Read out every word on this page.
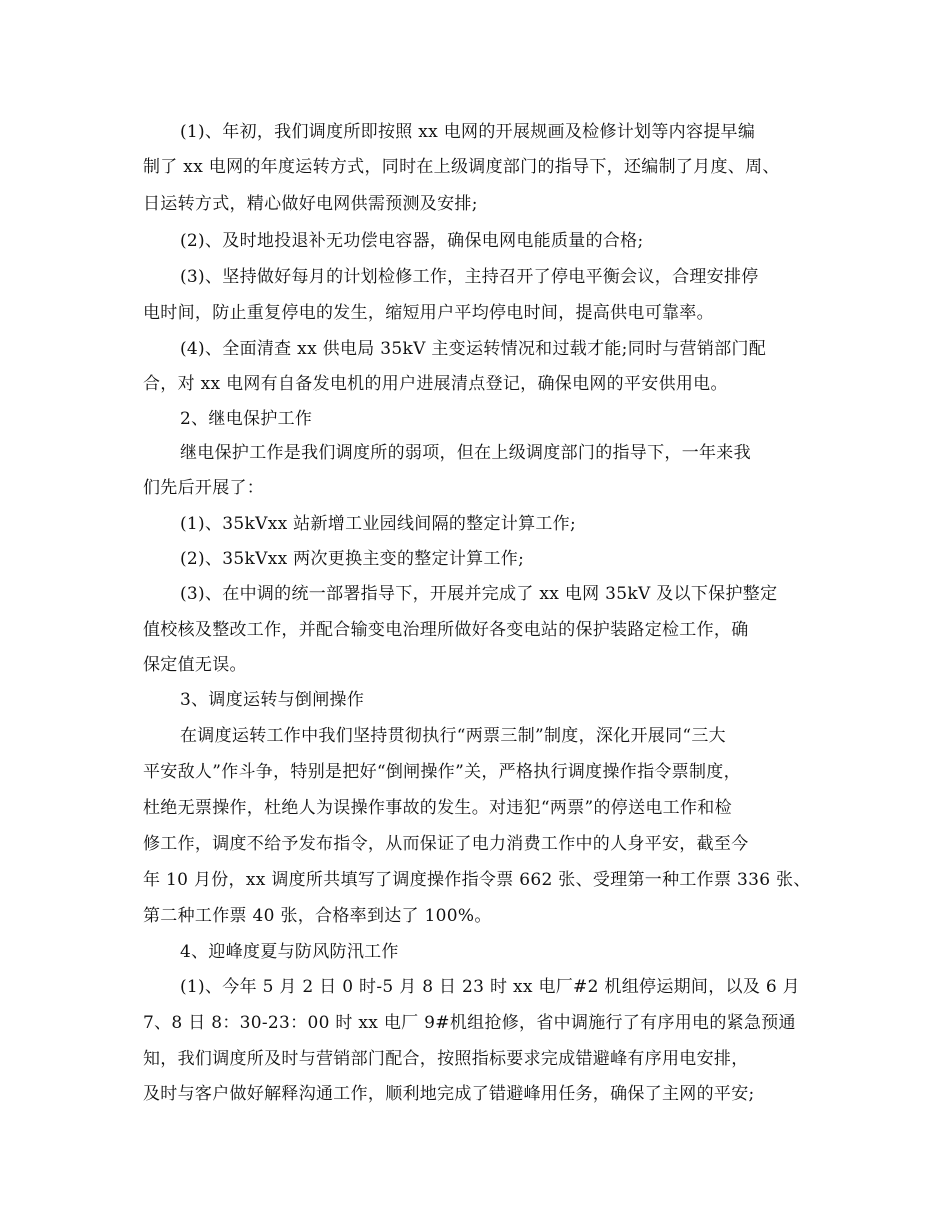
(1)、年初，我们调度所即按照 xx 电网的开展规画及检修计划等内容提早编
制了 xx 电网的年度运转方式，同时在上级调度部门的指导下，还编制了月度、周、
日运转方式，精心做好电网供需预测及安排;
(2)、及时地投退补无功偿电容器，确保电网电能质量的合格;
(3)、坚持做好每月的计划检修工作，主持召开了停电平衡会议，合理安排停
电时间，防止重复停电的发生，缩短用户平均停电时间，提高供电可靠率。
(4)、全面清查 xx 供电局 35kV 主变运转情况和过载才能;同时与营销部门配
合，对 xx 电网有自备发电机的用户进展清点登记，确保电网的平安供用电。
2、继电保护工作
继电保护工作是我们调度所的弱项，但在上级调度部门的指导下，一年来我
们先后开展了：
(1)、35kVxx 站新增工业园线间隔的整定计算工作;
(2)、35kVxx 两次更换主变的整定计算工作;
(3)、在中调的统一部署指导下，开展并完成了 xx 电网 35kV 及以下保护整定
值校核及整改工作，并配合输变电治理所做好各变电站的保护装路定检工作，确
保定值无误。
3、调度运转与倒闸操作
在调度运转工作中我们坚持贯彻执行“两票三制”制度，深化开展同“三大
平安敌人”作斗争，特别是把好“倒闸操作”关，严格执行调度操作指令票制度，
杜绝无票操作，杜绝人为误操作事故的发生。对违犯“两票”的停送电工作和检
修工作，调度不给予发布指令，从而保证了电力消费工作中的人身平安，截至今
年 10 月份，xx 调度所共填写了调度操作指令票 662 张、受理第一种工作票 336 张、
第二种工作票 40 张，合格率到达了 100%。
4、迎峰度夏与防风防汛工作
(1)、今年 5 月 2 日 0 时-5 月 8 日 23 时 xx 电厂#2 机组停运期间，以及 6 月
7、8 日 8：30-23：00 时 xx 电厂 9#机组抢修，省中调施行了有序用电的紧急预通
知，我们调度所及时与营销部门配合，按照指标要求完成错避峰有序用电安排，
及时与客户做好解释沟通工作，顺利地完成了错避峰用任务，确保了主网的平安;
